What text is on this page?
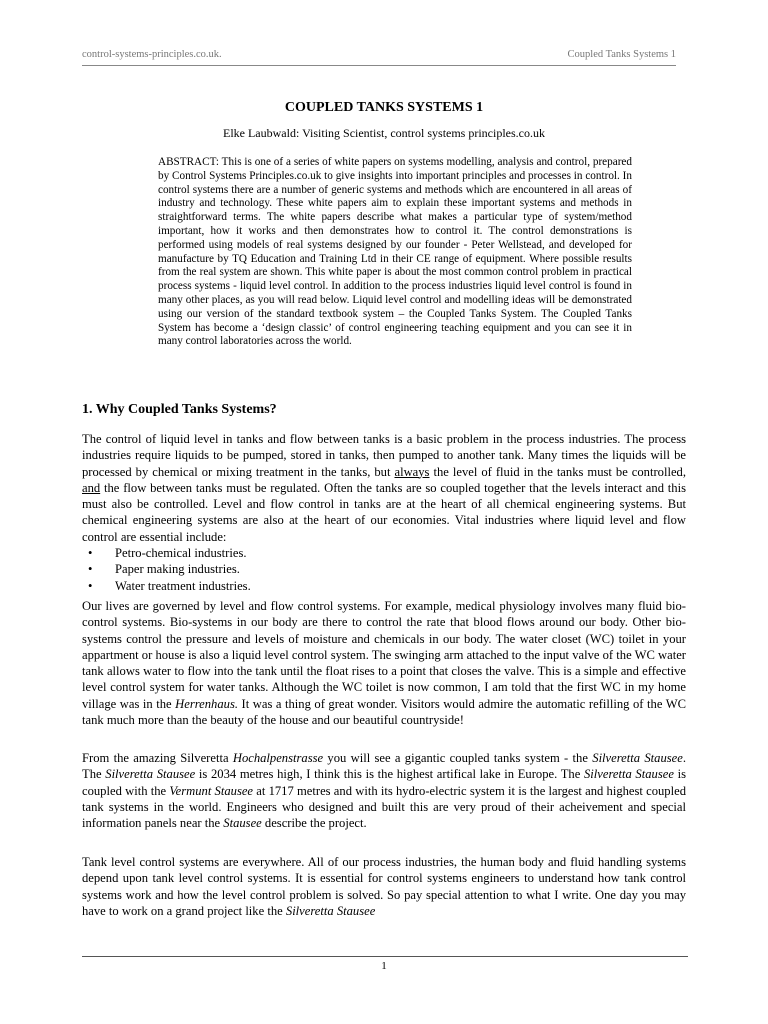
control-systems-principles.co.uk.	Coupled Tanks Systems 1
COUPLED TANKS SYSTEMS 1
Elke Laubwald: Visiting Scientist, control systems principles.co.uk
ABSTRACT: This is one of a series of white papers on systems modelling, analysis and control, prepared by Control Systems Principles.co.uk to give insights into important principles and processes in control. In control systems there are a number of generic systems and methods which are encountered in all areas of industry and technology. These white papers aim to explain these important systems and methods in straightforward terms. The white papers describe what makes a particular type of system/method important, how it works and then demonstrates how to control it. The control demonstrations is performed using models of real systems designed by our founder - Peter Wellstead, and developed for manufacture by TQ Education and Training Ltd in their CE range of equipment. Where possible results from the real system are shown. This white paper is about the most common control problem in practical process systems - liquid level control. In addition to the process industries liquid level control is found in many other places, as you will read below. Liquid level control and modelling ideas will be demonstrated using our version of the standard textbook system – the Coupled Tanks System. The Coupled Tanks System has become a ‘design classic’ of control engineering teaching equipment and you can see it in many control laboratories across the world.
1. Why Coupled Tanks Systems?
The control of liquid level in tanks and flow between tanks is a basic problem in the process industries. The process industries require liquids to be pumped, stored in tanks, then pumped to another tank. Many times the liquids will be processed by chemical or mixing treatment in the tanks, but always the level of fluid in the tanks must be controlled, and the flow between tanks must be regulated. Often the tanks are so coupled together that the levels interact and this must also be controlled. Level and flow control in tanks are at the heart of all chemical engineering systems. But chemical engineering systems are also at the heart of our economies. Vital industries where liquid level and flow control are essential include:
•	Petro-chemical industries.
•	Paper making industries.
•	Water treatment industries.
Our lives are governed by level and flow control systems. For example, medical physiology involves many fluid bio-control systems. Bio-systems in our body are there to control the rate that blood flows around our body. Other bio-systems control the pressure and levels of moisture and chemicals in our body. The water closet (WC) toilet in your appartment or house is also a liquid level control system. The swinging arm attached to the input valve of the WC water tank allows water to flow into the tank until the float rises to a point that closes the valve. This is a simple and effective level control system for water tanks. Although the WC toilet is now common, I am told that the first WC in my home village was in the Herrenhaus. It was a thing of great wonder. Visitors would admire the automatic refilling of the WC tank much more than the beauty of the house and our beautiful countryside!
From the amazing Silveretta Hochalpenstrasse you will see a gigantic coupled tanks system - the Silveretta Stausee. The Silveretta Stausee is 2034 metres high, I think this is the highest artifical lake in Europe. The Silveretta Stausee is coupled with the Vermunt Stausee at 1717 metres and with its hydro-electric system it is the largest and highest coupled tank systems in the world. Engineers who designed and built this are very proud of their acheivement and special information panels near the Stausee describe the project.
Tank level control systems are everywhere. All of our process industries, the human body and fluid handling systems depend upon tank level control systems. It is essential for control systems engineers to understand how tank control systems work and how the level control problem is solved. So pay special attention to what I write. One day you may have to work on a grand project like the Silveretta Stausee
1
